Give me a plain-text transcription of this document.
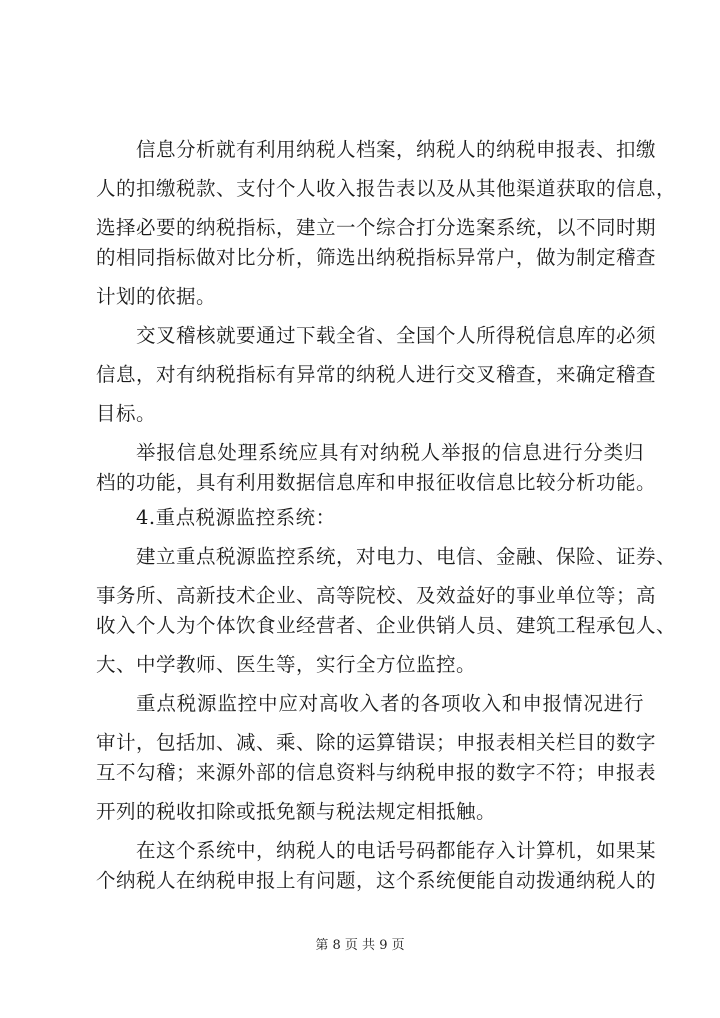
信息分析就有利用纳税人档案，纳税人的纳税申报表、扣缴
人的扣缴税款、支付个人收入报告表以及从其他渠道获取的信息，
选择必要的纳税指标，建立一个综合打分选案系统，以不同时期
的相同指标做对比分析，筛选出纳税指标异常户，做为制定稽查
计划的依据。
交叉稽核就要通过下载全省、全国个人所得税信息库的必须
信息，对有纳税指标有异常的纳税人进行交叉稽查，来确定稽查
目标。
举报信息处理系统应具有对纳税人举报的信息进行分类归
档的功能，具有利用数据信息库和申报征收信息比较分析功能。
4.重点税源监控系统：
建立重点税源监控系统，对电力、电信、金融、保险、证券、
事务所、高新技术企业、高等院校、及效益好的事业单位等；高
收入个人为个体饮食业经营者、企业供销人员、建筑工程承包人、
大、中学教师、医生等，实行全方位监控。
重点税源监控中应对高收入者的各项收入和申报情况进行
审计，包括加、减、乘、除的运算错误；申报表相关栏目的数字
互不勾稽；来源外部的信息资料与纳税申报的数字不符；申报表
开列的税收扣除或抵免额与税法规定相抵触。
在这个系统中，纳税人的电话号码都能存入计算机，如果某
个纳税人在纳税申报上有问题，这个系统便能自动拨通纳税人的
第 8 页 共 9 页
